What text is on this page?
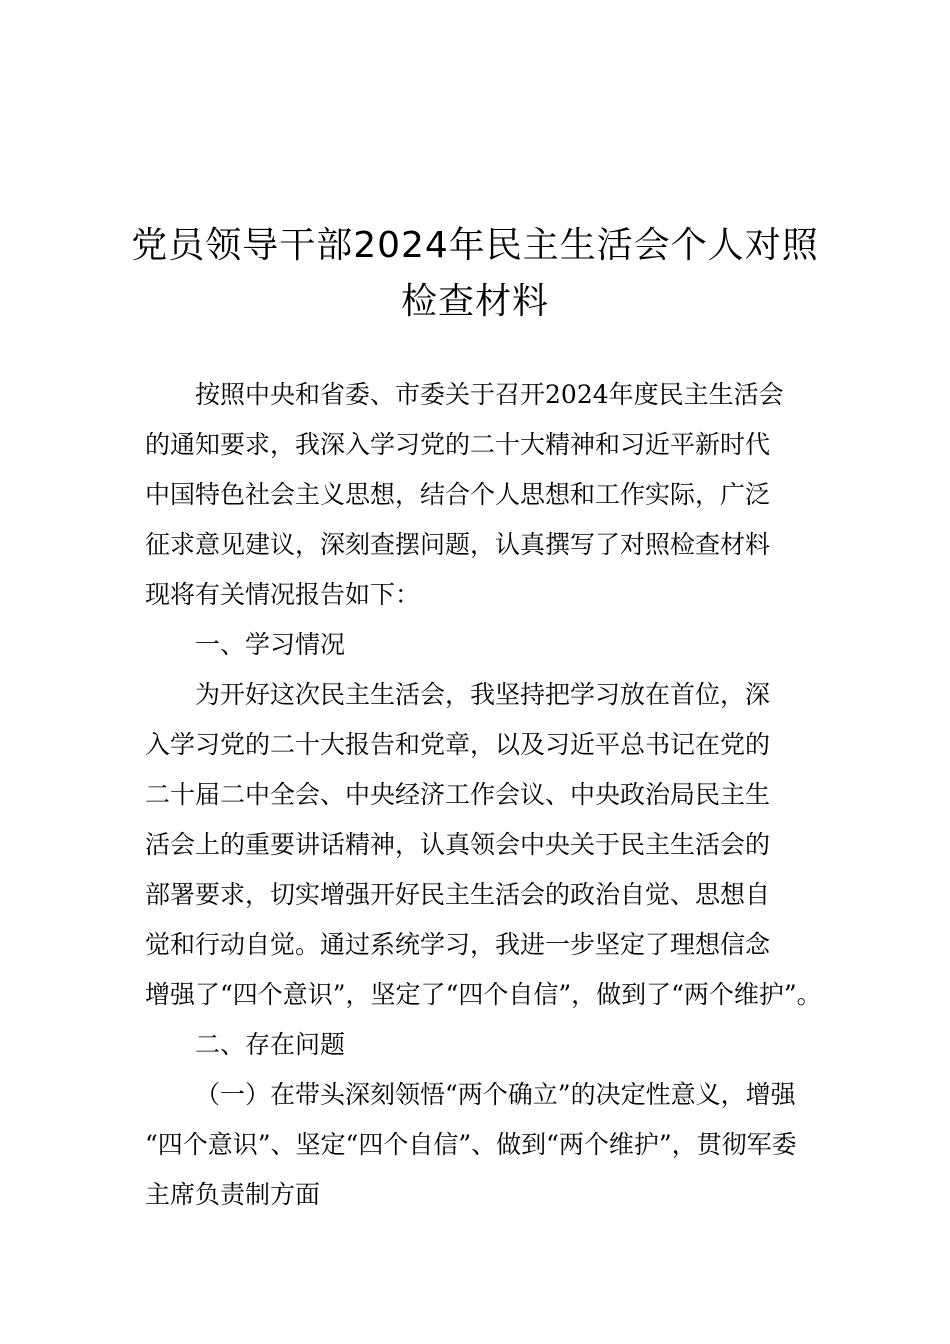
党员领导干部2024年民主生活会个人对照
检查材料
按照中央和省委、市委关于召开2024年度民主生活会
的通知要求，我深入学习党的二十大精神和习近平新时代
中国特色社会主义思想，结合个人思想和工作实际，广泛
征求意见建议，深刻查摆问题，认真撰写了对照检查材料
现将有关情况报告如下：
一、学习情况
为开好这次民主生活会，我坚持把学习放在首位，深
入学习党的二十大报告和党章，以及习近平总书记在党的
二十届二中全会、中央经济工作会议、中央政治局民主生
活会上的重要讲话精神，认真领会中央关于民主生活会的
部署要求，切实增强开好民主生活会的政治自觉、思想自
觉和行动自觉。通过系统学习，我进一步坚定了理想信念
增强了“四个意识”，坚定了“四个自信”，做到了“两个维护”。
二、存在问题
（一）在带头深刻领悟“两个确立”的决定性意义，增强
“四个意识”、坚定“四个自信”、做到“两个维护”，贯彻军委
主席负责制方面
